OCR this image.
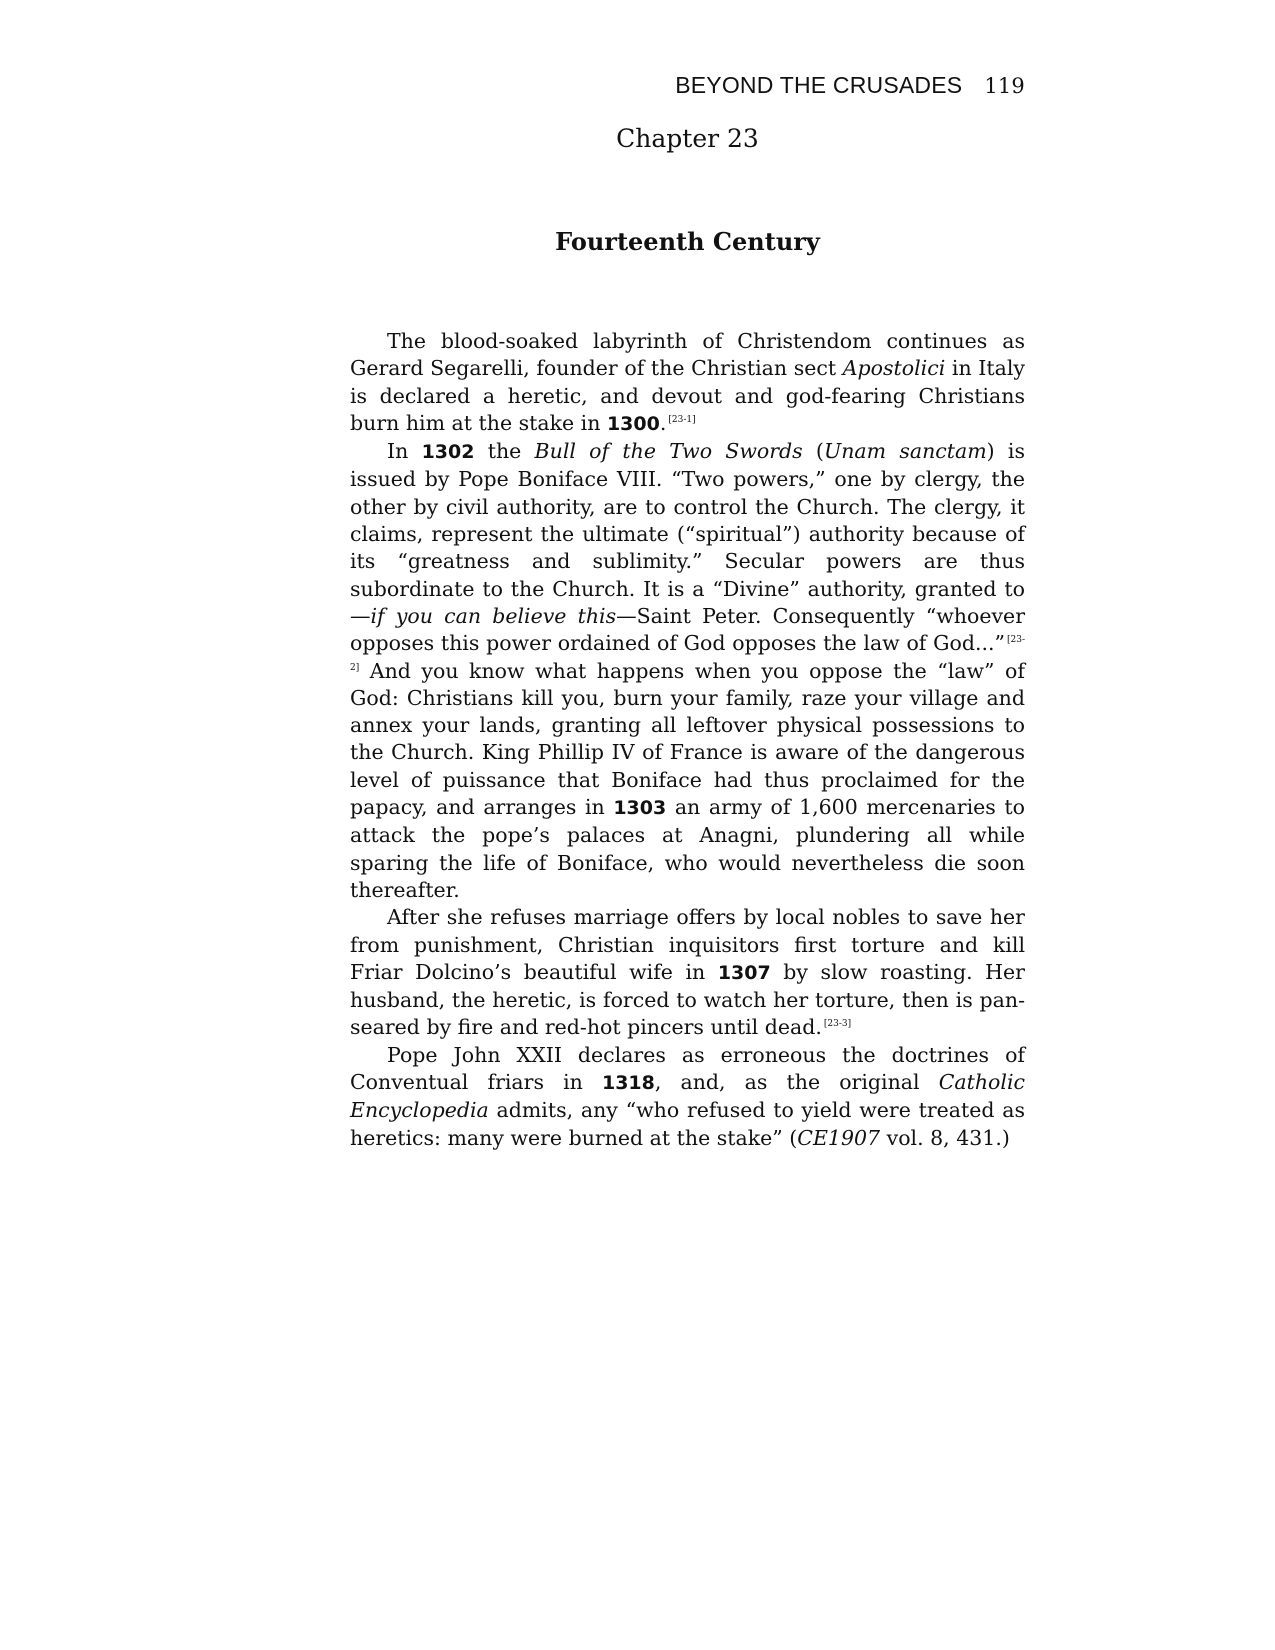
BEYOND THE CRUSADES 119
Chapter 23
Fourteenth Century

The blood-soaked labyrinth of Christendom continues as Gerard Segarelli, founder of the Christian sect Apostolici in Italy is declared a heretic, and devout and god-fearing Christians burn him at the stake in 1300. [23-1]

In 1302 the Bull of the Two Swords (Unam sanctam) is issued by Pope Boniface VIII. “Two powers,” one by clergy, the other by civil authority, are to control the Church. The clergy, it claims, represent the ultimate (“spiritual”) authority because of its “greatness and sublimity.” Secular powers are thus subordinate to the Church. It is a “Divine” authority, granted to—if you can believe this—Saint Peter. Consequently “whoever opposes this power ordained of God opposes the law of God...” [23-2] And you know what happens when you oppose the “law” of God: Christians kill you, burn your family, raze your village and annex your lands, granting all leftover physical possessions to the Church. King Phillip IV of France is aware of the dangerous level of puissance that Boniface had thus proclaimed for the papacy, and arranges in 1303 an army of 1,600 mercenaries to attack the pope’s palaces at Anagni, plundering all while sparing the life of Boniface, who would nevertheless die soon thereafter.

After she refuses marriage offers by local nobles to save her from punishment, Christian inquisitors first torture and kill Friar Dolcino’s beautiful wife in 1307 by slow roasting. Her husband, the heretic, is forced to watch her torture, then is pan-seared by fire and red-hot pincers until dead. [23-3]

Pope John XXII declares as erroneous the doctrines of Conventual friars in 1318, and, as the original Catholic Encyclopedia admits, any “who refused to yield were treated as heretics: many were burned at the stake” (CE1907 vol. 8, 431.)
